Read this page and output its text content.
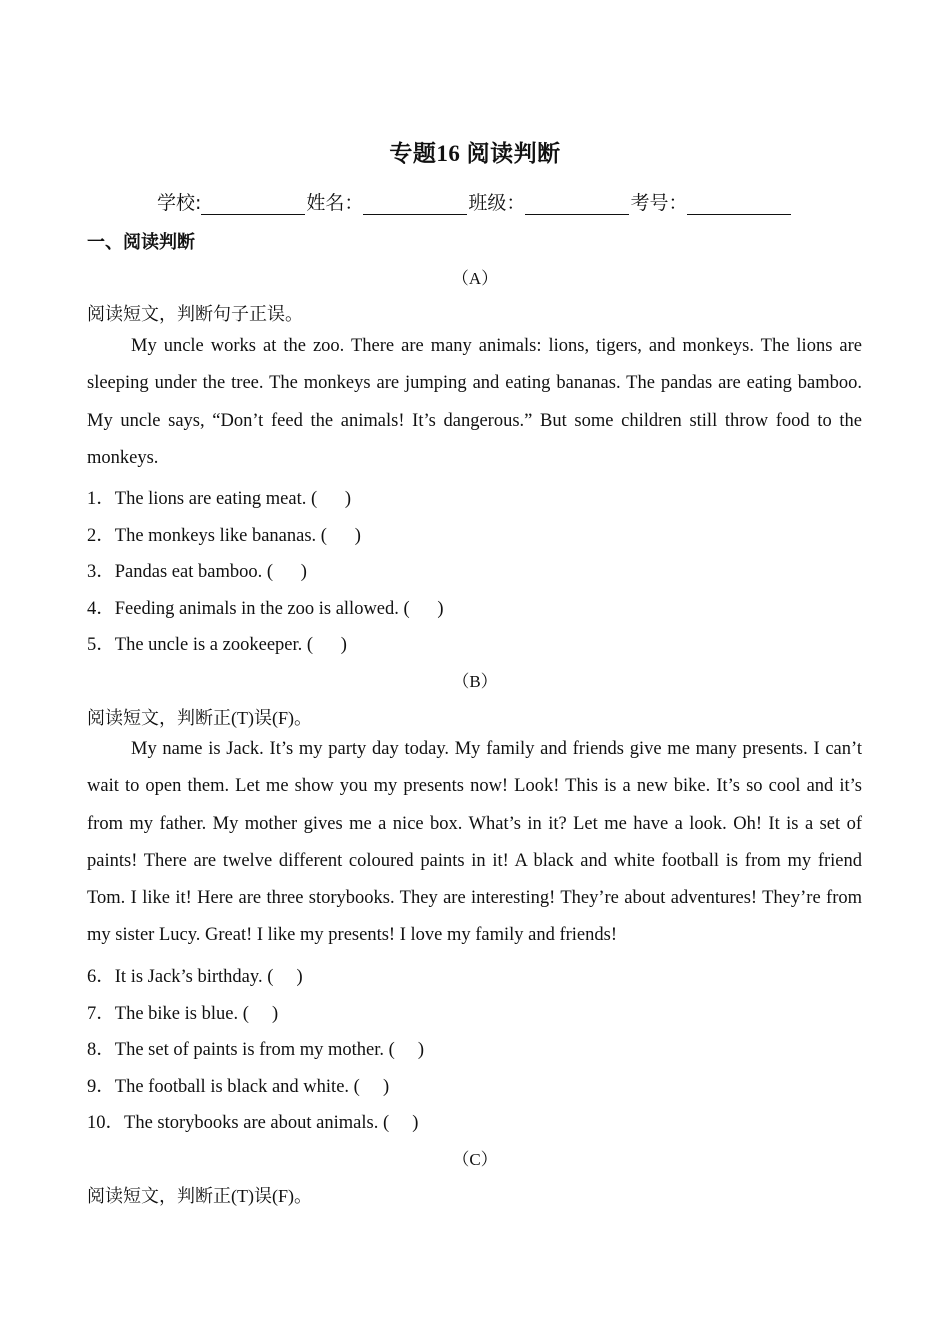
专题16 阅读判断
学校:	姓名：	班级：	考号：
一、阅读判断
（A）
阅读短文，判断句子正误。
My uncle works at the zoo. There are many animals: lions, tigers, and monkeys. The lions are sleeping under the tree. The monkeys are jumping and eating bananas. The pandas are eating bamboo. My uncle says, “Don’t feed the animals! It’s dangerous.” But some children still throw food to the monkeys.
1．The lions are eating meat. (      )
2．The monkeys like bananas. (      )
3．Pandas eat bamboo. (      )
4．Feeding animals in the zoo is allowed. (      )
5．The uncle is a zookeeper. (      )
（B）
阅读短文，判断正(T)误(F)。
My name is Jack. It’s my party day today. My family and friends give me many presents. I can’t wait to open them. Let me show you my presents now! Look! This is a new bike. It’s so cool and it’s from my father. My mother gives me a nice box. What’s in it? Let me have a look. Oh! It is a set of paints! There are twelve different coloured paints in it! A black and white football is from my friend Tom. I like it! Here are three storybooks. They are interesting! They’re about adventures! They’re from my sister Lucy. Great! I like my presents! I love my family and friends!
6．It is Jack’s birthday. (     )
7．The bike is blue. (     )
8．The set of paints is from my mother. (     )
9．The football is black and white. (     )
10．The storybooks are about animals. (     )
（C）
阅读短文，判断正(T)误(F)。
